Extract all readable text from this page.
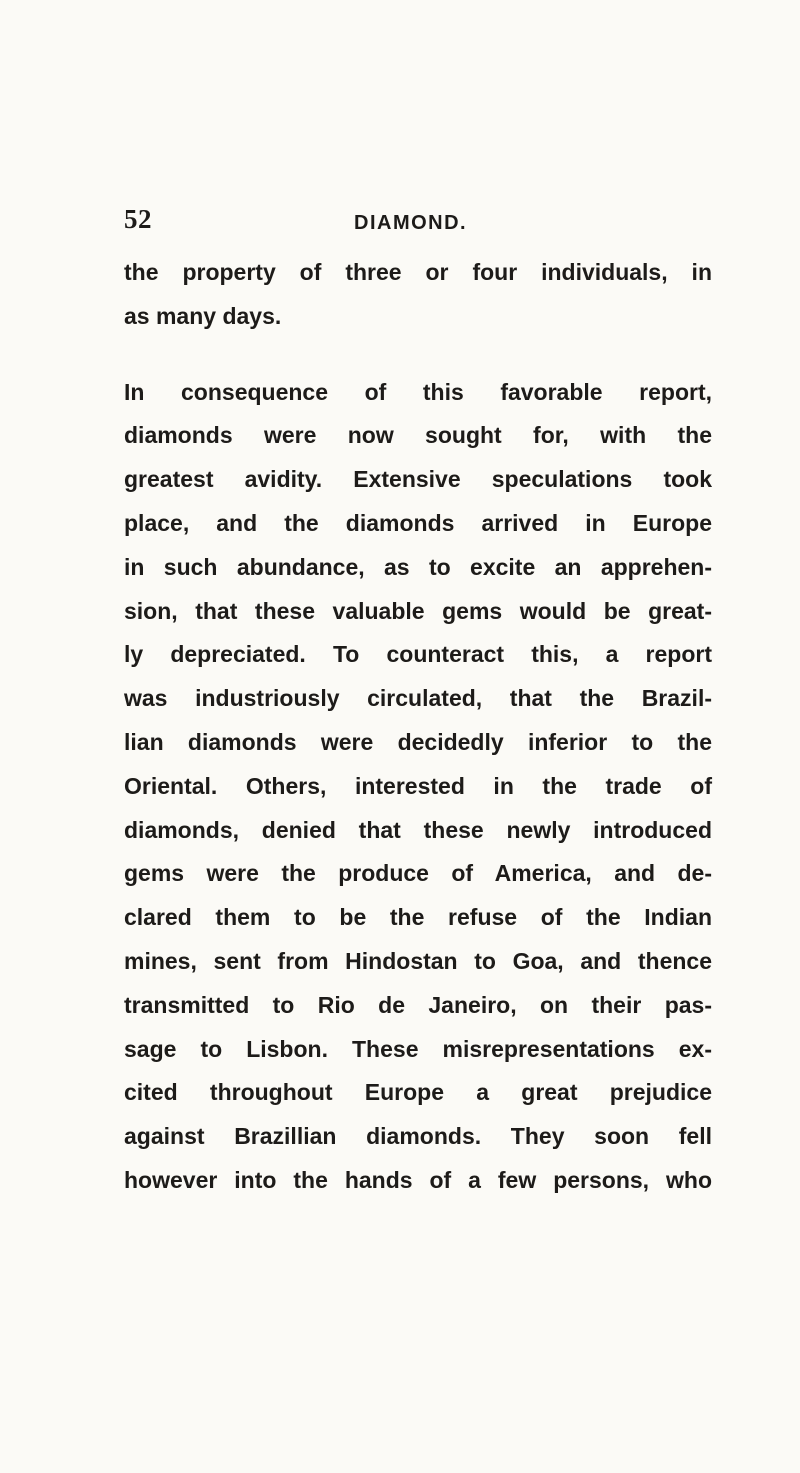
52	DIAMOND.
the property of three or four individuals, in
as many days.
In consequence of this favorable report,
diamonds were now sought for, with the
greatest avidity. Extensive speculations took
place, and the diamonds arrived in Europe
in such abundance, as to excite an apprehen-
sion, that these valuable gems would be great-
ly depreciated. To counteract this, a report
was industriously circulated, that the Brazil-
lian diamonds were decidedly inferior to the
Oriental. Others, interested in the trade of
diamonds, denied that these newly introduced
gems were the produce of America, and de-
clared them to be the refuse of the Indian
mines, sent from Hindostan to Goa, and thence
transmitted to Rio de Janeiro, on their pas-
sage to Lisbon. These misrepresentations ex-
cited throughout Europe a great prejudice
against Brazillian diamonds. They soon fell
however into the hands of a few persons, who
